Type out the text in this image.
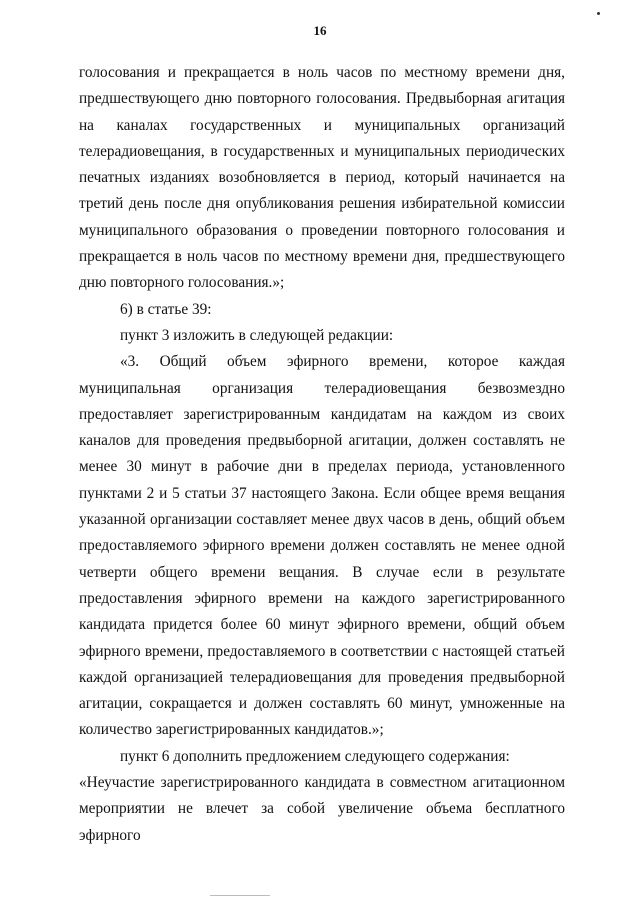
16

голосования и прекращается в ноль часов по местному времени дня, предшествующего дню повторного голосования. Предвыборная агитация на каналах государственных и муниципальных организаций телерадиовещания, в государственных и муниципальных периодических печатных изданиях возобновляется в период, который начинается на третий день после дня опубликования решения избирательной комиссии муниципального образования о проведении повторного голосования и прекращается в ноль часов по местному времени дня, предшествующего дню повторного голосования.»;

6) в статье 39:

пункт 3 изложить в следующей редакции:

«3. Общий объем эфирного времени, которое каждая муниципальная организация телерадиовещания безвозмездно предоставляет зарегистрированным кандидатам на каждом из своих каналов для проведения предвыборной агитации, должен составлять не менее 30 минут в рабочие дни в пределах периода, установленного пунктами 2 и 5 статьи 37 настоящего Закона. Если общее время вещания указанной организации составляет менее двух часов в день, общий объем предоставляемого эфирного времени должен составлять не менее одной четверти общего времени вещания. В случае если в результате предоставления эфирного времени на каждого зарегистрированного кандидата придется более 60 минут эфирного времени, общий объем эфирного времени, предоставляемого в соответствии с настоящей статьей каждой организацией телерадиовещания для проведения предвыборной агитации, сокращается и должен составлять 60 минут, умноженные на количество зарегистрированных кандидатов.»;

пункт 6 дополнить предложением следующего содержания:

«Неучастие зарегистрированного кандидата в совместном агитационном мероприятии не влечет за собой увеличение объема бесплатного эфирного
